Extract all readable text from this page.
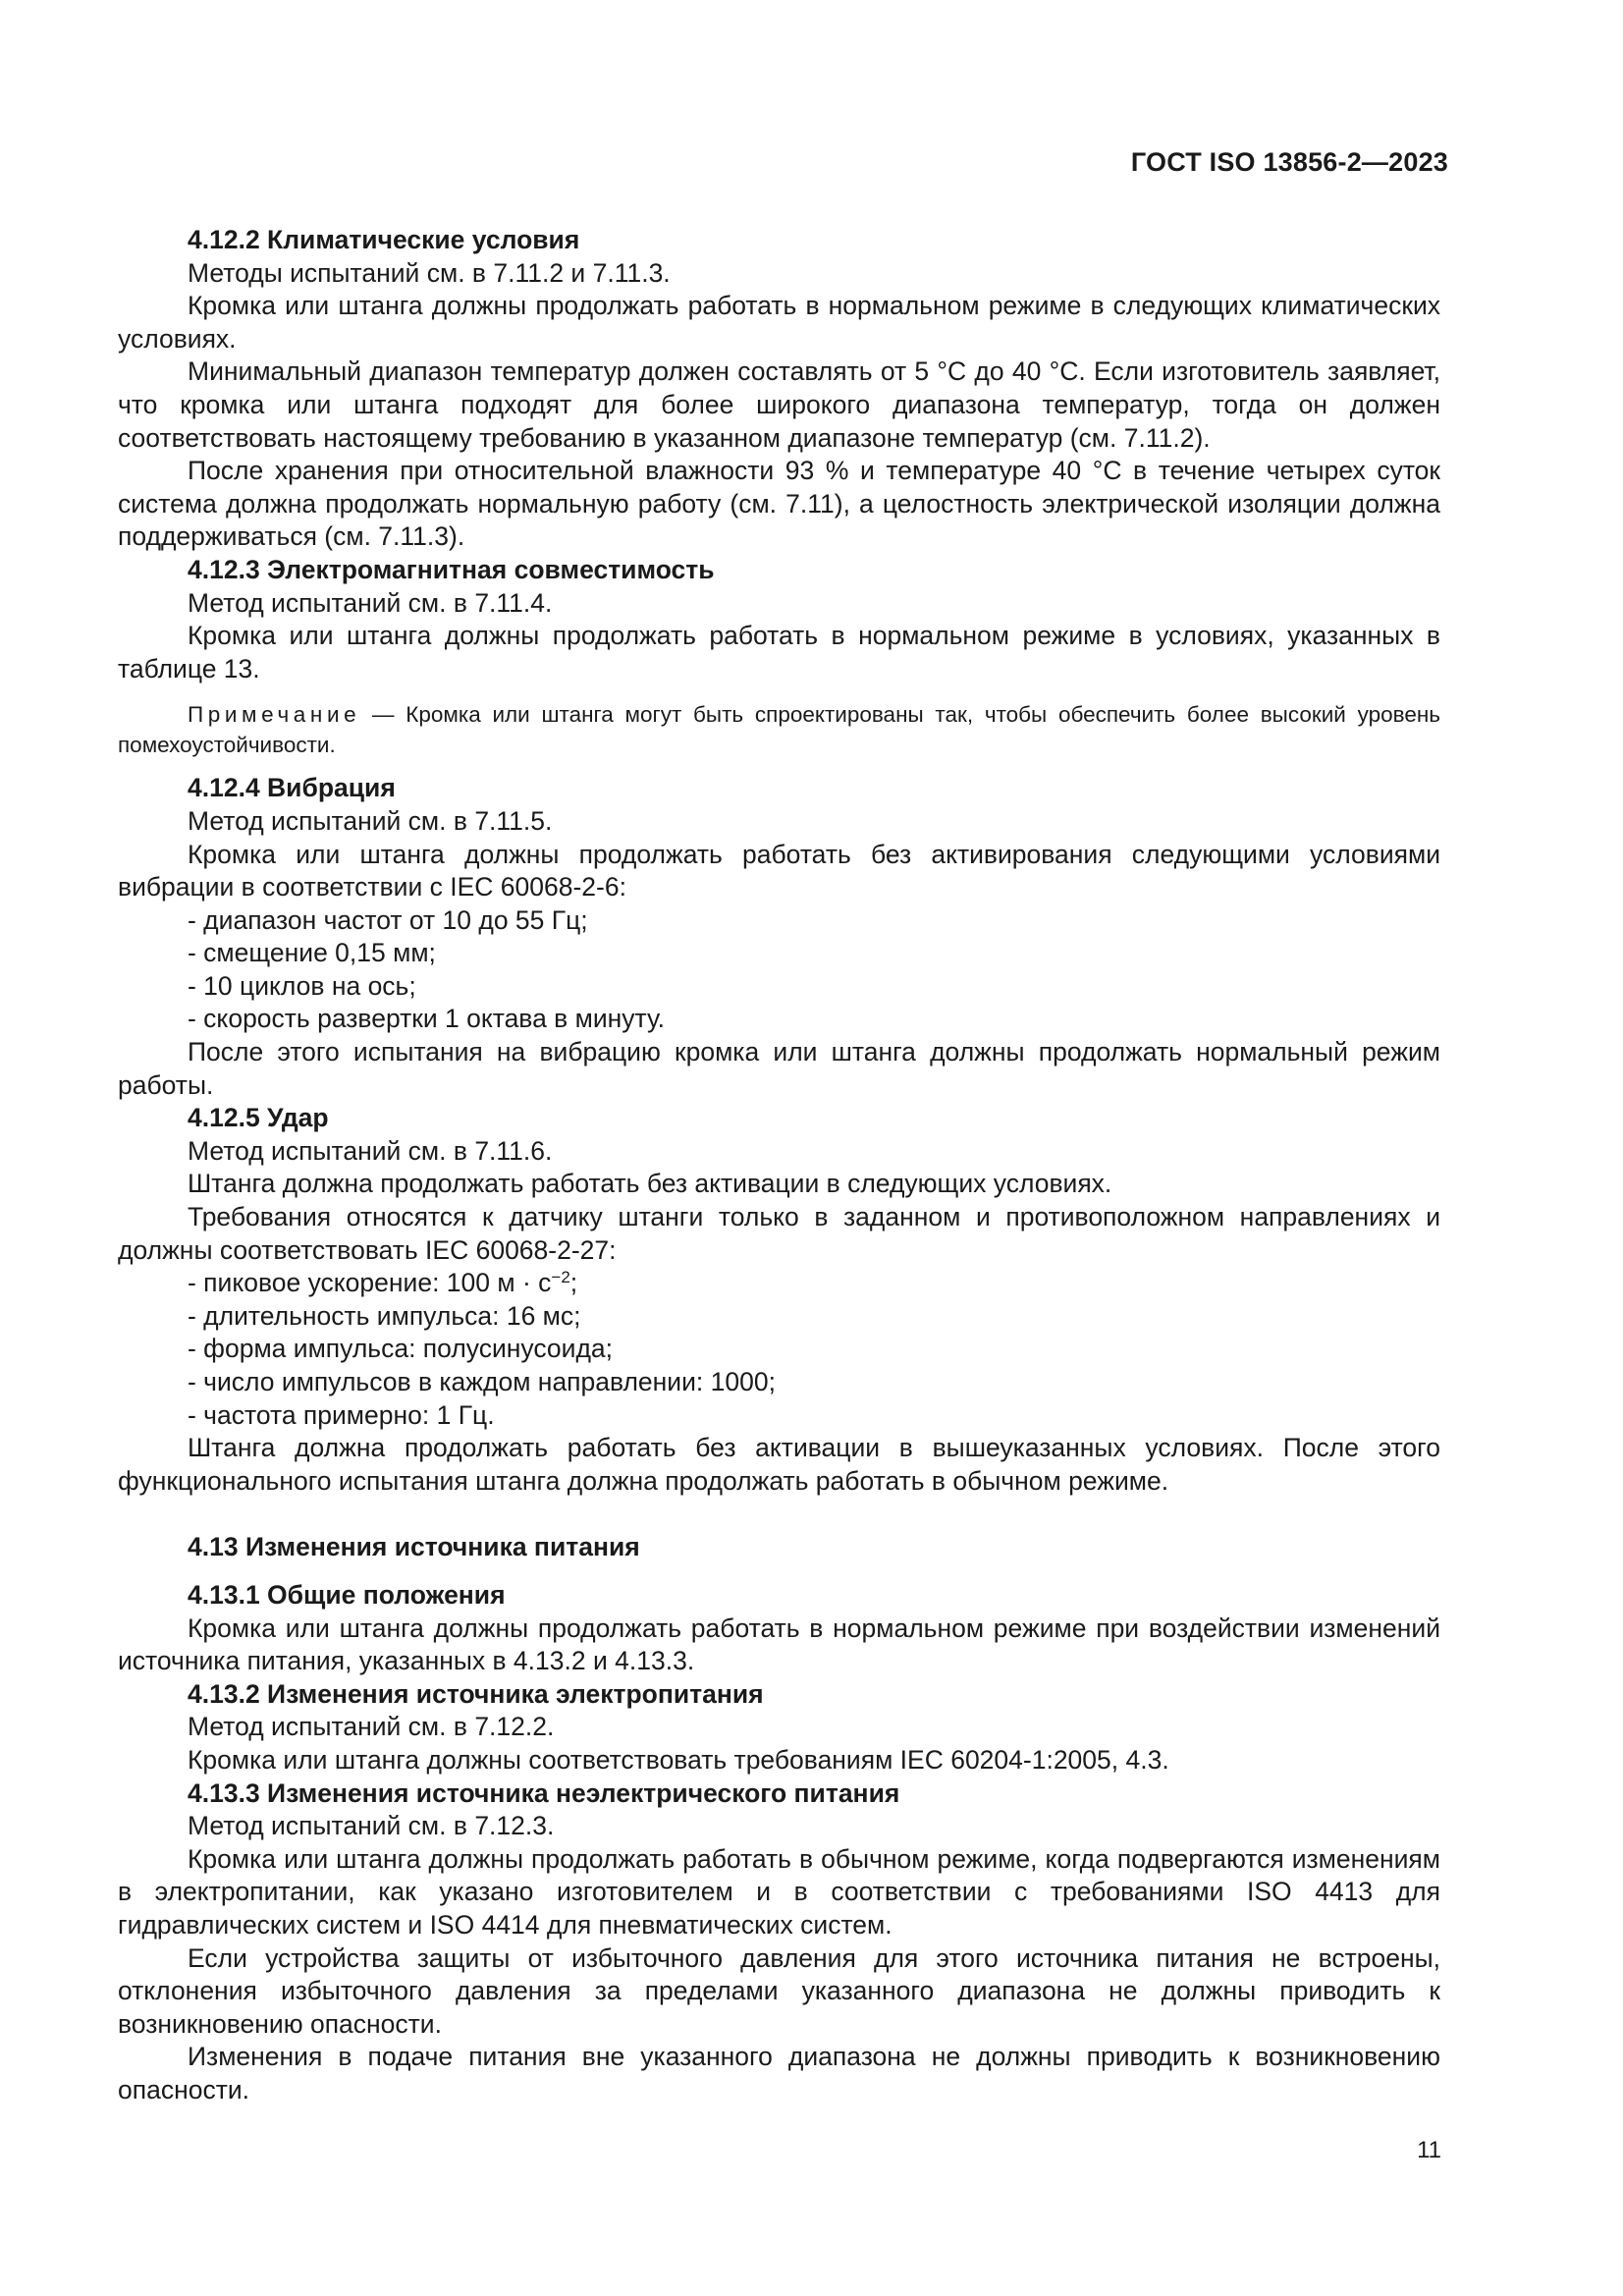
ГОСТ ISO 13856-2—2023
4.12.2 Климатические условия

Методы испытаний см. в 7.11.2 и 7.11.3.

Кромка или штанга должны продолжать работать в нормальном режиме в следующих климатических условиях.

Минимальный диапазон температур должен составлять от 5 °C до 40 °C. Если изготовитель заявляет, что кромка или штанга подходят для более широкого диапазона температур, тогда он должен соответствовать настоящему требованию в указанном диапазоне температур (см. 7.11.2).

После хранения при относительной влажности 93 % и температуре 40 °C в течение четырех суток система должна продолжать нормальную работу (см. 7.11), а целостность электрической изоляции должна поддерживаться (см. 7.11.3).

4.12.3 Электромагнитная совместимость

Метод испытаний см. в 7.11.4.

Кромка или штанга должны продолжать работать в нормальном режиме в условиях, указанных в таблице 13.

Примечание — Кромка или штанга могут быть спроектированы так, чтобы обеспечить более высокий уровень помехоустойчивости.
4.12.4 Вибрация

Метод испытаний см. в 7.11.5.

Кромка или штанга должны продолжать работать без активирования следующими условиями вибрации в соответствии с IEC 60068-2-6:

- диапазон частот от 10 до 55 Гц;
- смещение 0,15 мм;
- 10 циклов на ось;
- скорость развертки 1 октава в минуту.

После этого испытания на вибрацию кромка или штанга должны продолжать нормальный режим работы.

4.12.5 Удар

Метод испытаний см. в 7.11.6.

Штанга должна продолжать работать без активации в следующих условиях.

Требования относятся к датчику штанги только в заданном и противоположном направлениях и должны соответствовать IEC 60068-2-27:

- пиковое ускорение: 100 $м \cdot с^{-2}$;
- длительность импульса: 16 мс;
- форма импульса: полусинусоида;
- число импульсов в каждом направлении: 1000;
- частота примерно: 1 Гц.

Штанга должна продолжать работать без активации в вышеуказанных условиях. После этого функционального испытания штанга должна продолжать работать в обычном режиме.

4.13 Изменения источника питания
4.13.1 Общие положения

Кромка или штанга должны продолжать работать в нормальном режиме при воздействии изменений источника питания, указанных в 4.13.2 и 4.13.3.

4.13.2 Изменения источника электропитания

Метод испытаний см. в 7.12.2.

Кромка или штанга должны соответствовать требованиям IEC 60204-1:2005, 4.3.

4.13.3 Изменения источника неэлектрического питания

Метод испытаний см. в 7.12.3.

Кромка или штанга должны продолжать работать в обычном режиме, когда подвергаются изменениям в электропитании, как указано изготовителем и в соответствии с требованиями ISO 4413 для гидравлических систем и ISO 4414 для пневматических систем.

Если устройства защиты от избыточного давления для этого источника питания не встроены, отклонения избыточного давления за пределами указанного диапазона не должны приводить к возникновению опасности.

Изменения в подаче питания вне указанного диапазона не должны приводить к возникновению опасности.

11
